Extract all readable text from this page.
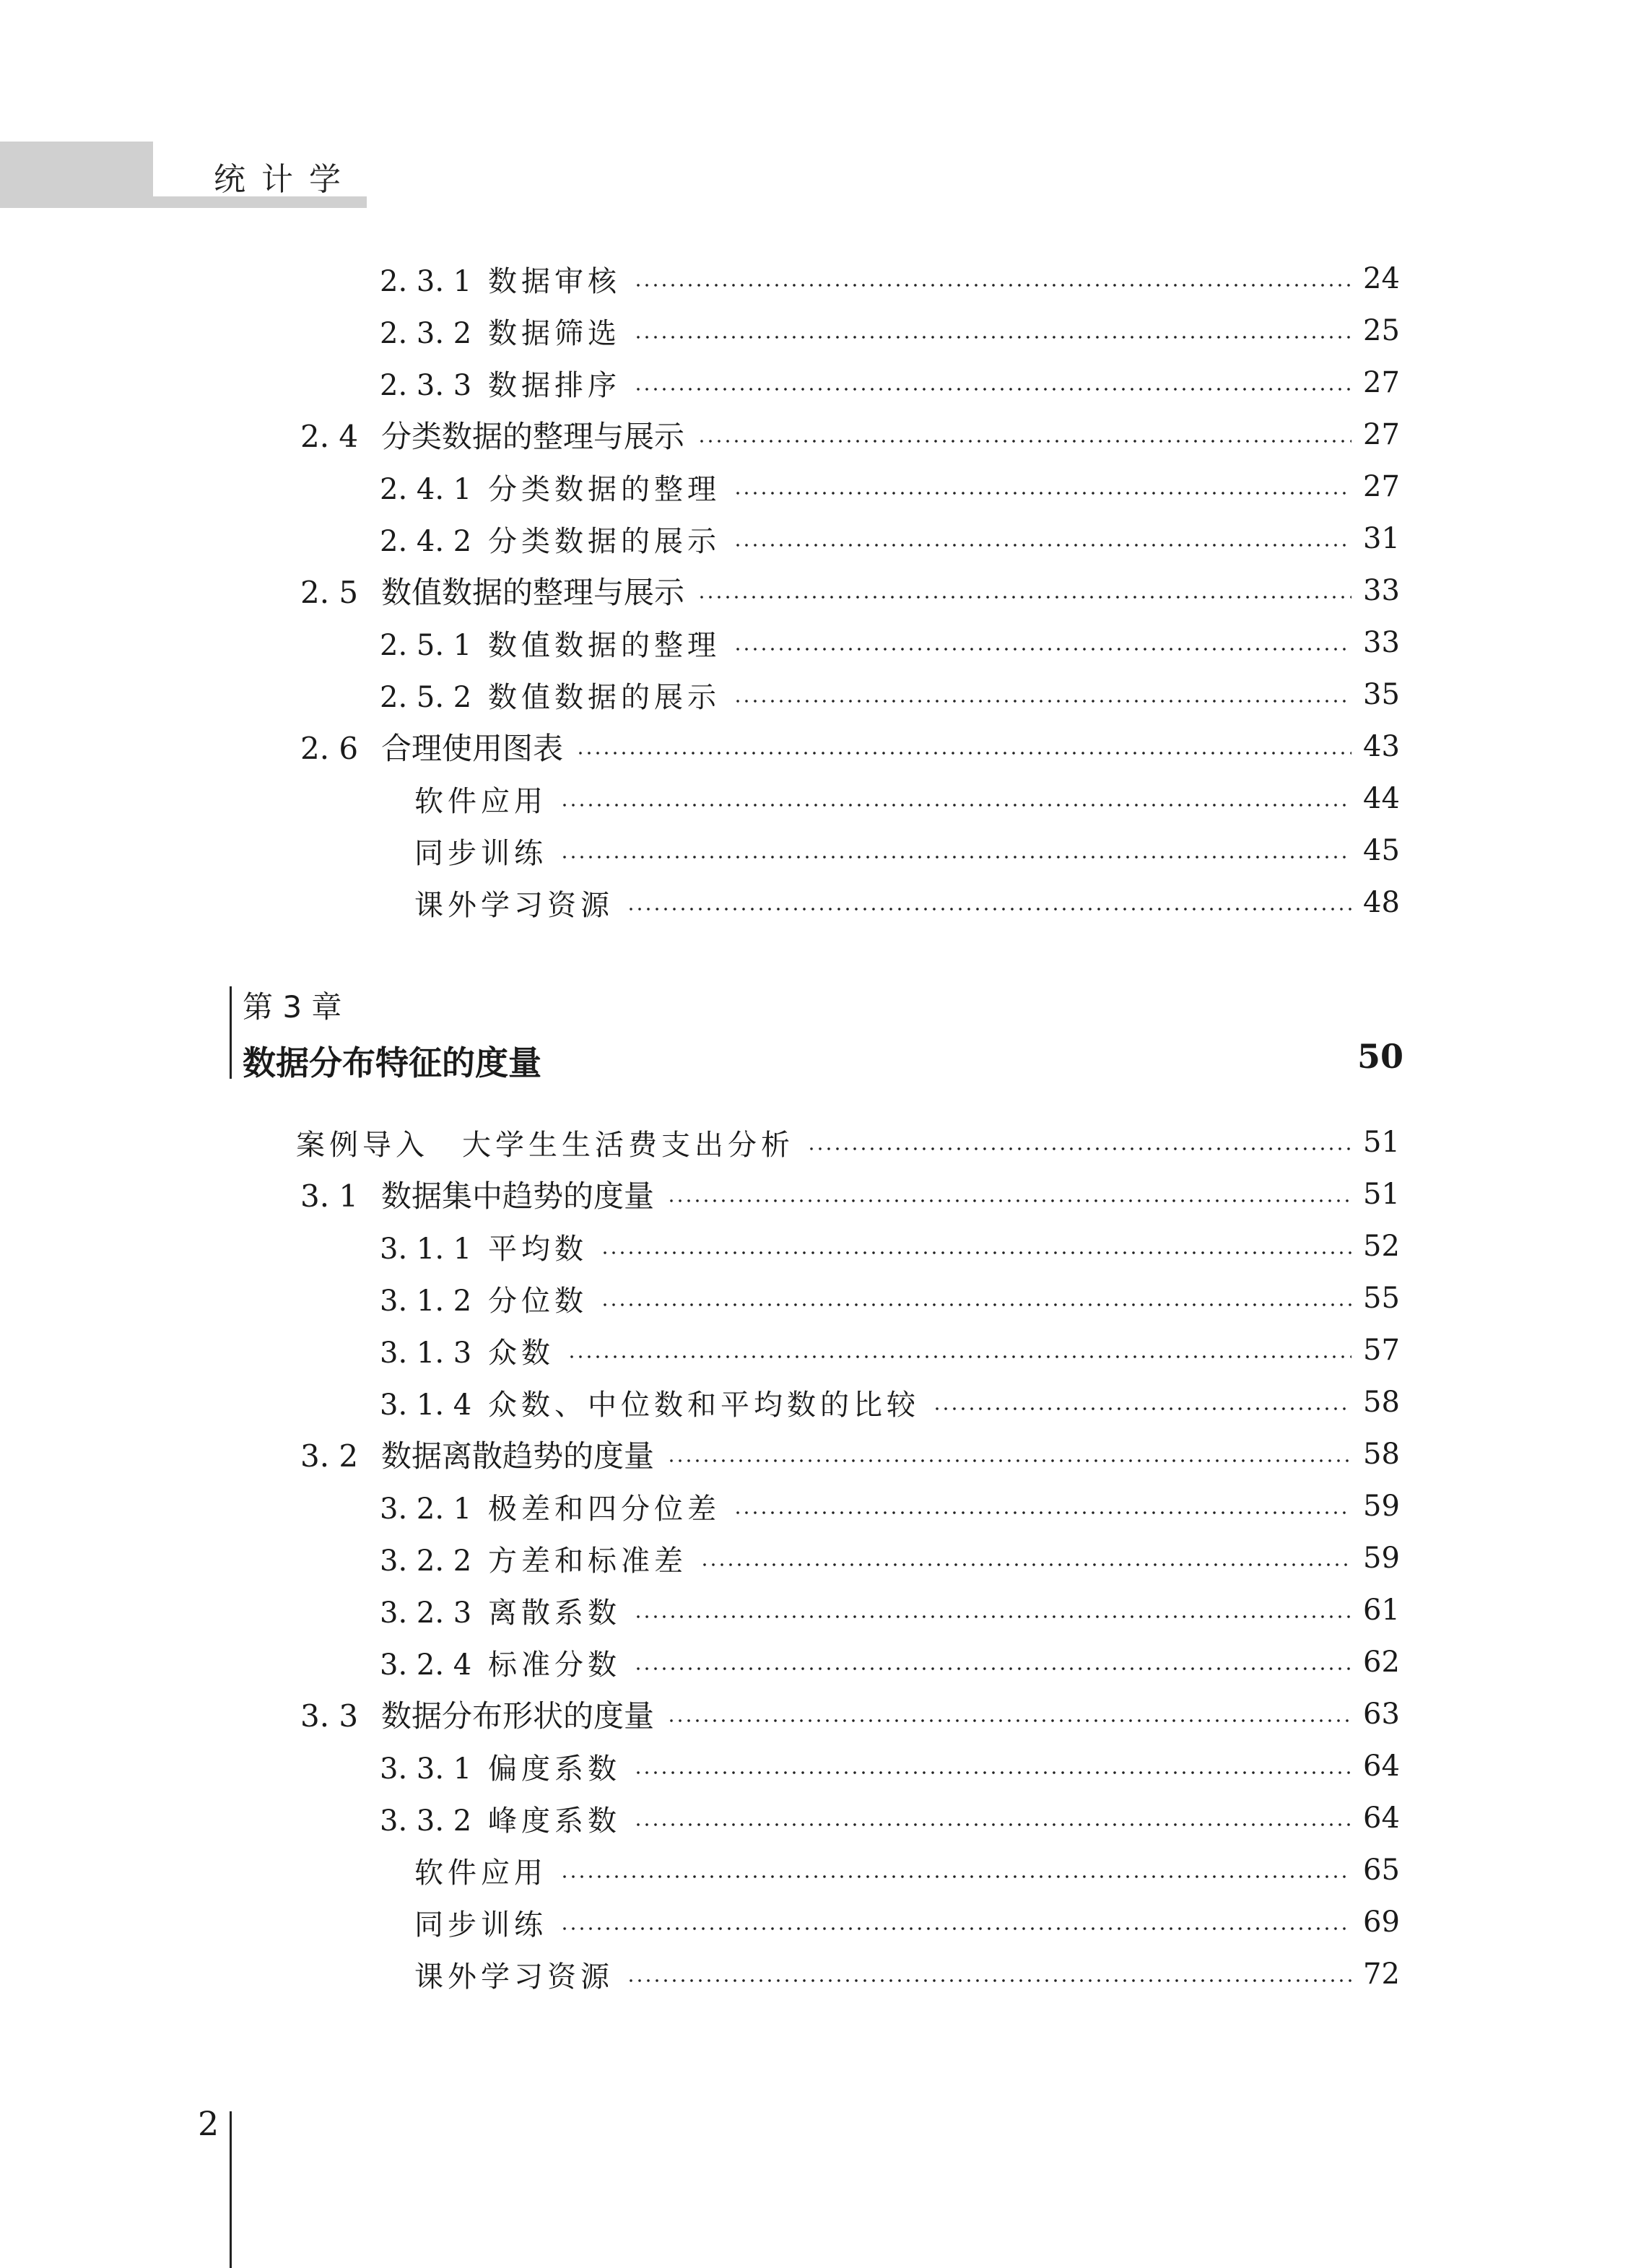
统计学
2. 3. 1 数据审核	24
2. 3. 2 数据筛选	25
2. 3. 3 数据排序	27
2. 4 分类数据的整理与展示	27
2. 4. 1 分类数据的整理	27
2. 4. 2 分类数据的展示	31
2. 5 数值数据的整理与展示	33
2. 5. 1 数值数据的整理	33
2. 5. 2 数值数据的展示	35
2. 6 合理使用图表	43
软件应用	44
同步训练	45
课外学习资源	48
第 3 章
数据分布特征的度量	50
案例导入　大学生生活费支出分析	51
3. 1 数据集中趋势的度量	51
3. 1. 1 平均数	52
3. 1. 2 分位数	55
3. 1. 3 众数	57
3. 1. 4 众数、中位数和平均数的比较	58
3. 2 数据离散趋势的度量	58
3. 2. 1 极差和四分位差	59
3. 2. 2 方差和标准差	59
3. 2. 3 离散系数	61
3. 2. 4 标准分数	62
3. 3 数据分布形状的度量	63
3. 3. 1 偏度系数	64
3. 3. 2 峰度系数	64
软件应用	65
同步训练	69
课外学习资源	72
2
